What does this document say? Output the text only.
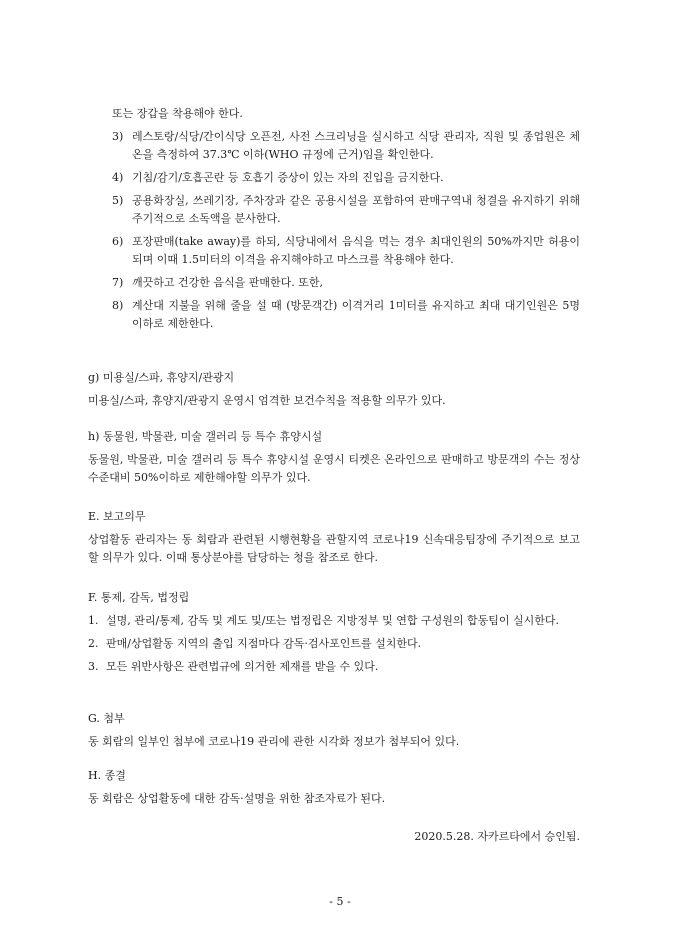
또는 장갑을 착용해야 한다.
3) 레스토랑/식당/간이식당 오픈전, 사전 스크리닝을 실시하고 식당 관리자, 직원 및 종업원은 체온을 측정하여 37.3℃ 이하(WHO 규정에 근거)임을 확인한다.
4) 기침/감기/호흡곤란 등 호흡기 증상이 있는 자의 진입을 금지한다.
5) 공용화장실, 쓰레기장, 주차장과 같은 공용시설을 포함하여 판매구역내 청결을 유지하기 위해 주기적으로 소독액을 분사한다.
6) 포장판매(take away)를 하되, 식당내에서 음식을 먹는 경우 최대인원의 50%까지만 허용이 되며 이때 1.5미터의 이격을 유지해야하고 마스크를 착용해야 한다.
7) 깨끗하고 건강한 음식을 판매한다. 또한,
8) 계산대 지불을 위해 줄을 설 때 (방문객간) 이격거리 1미터를 유지하고 최대 대기인원은 5명 이하로 제한한다.

g) 미용실/스파, 휴양지/관광지

미용실/스파, 휴양지/관광지 운영시 엄격한 보건수칙을 적용할 의무가 있다.

h) 동물원, 박물관, 미술 갤러리 등 특수 휴양시설

동물원, 박물관, 미술 갤러리 등 특수 휴양시설 운영시 티켓은 온라인으로 판매하고 방문객의 수는 정상수준대비 50%이하로 제한해야할 의무가 있다.

E. 보고의무

상업활동 관리자는 동 회람과 관련된 시행현황을 관할지역 코로나19 신속대응팀장에 주기적으로 보고할 의무가 있다. 이때 통상분야를 담당하는 청을 참조로 한다.

F. 통제, 감독, 법정립

1. 설명, 관리/통제, 감독 및 계도 및/또는 법정립은 지방정부 및 연합 구성원의 합동팀이 실시한다.
2. 판매/상업활동 지역의 출입 지점마다 감독·검사포인트를 설치한다.
3. 모든 위반사항은 관련법규에 의거한 제재를 받을 수 있다.

G. 첨부

동 회람의 일부인 첨부에 코로나19 관리에 관한 시각화 정보가 첨부되어 있다.

H. 종결

동 회람은 상업활동에 대한 감독·설명을 위한 참조자료가 된다.

2020.5.28. 자카르타에서 승인됨.
- 5 -
